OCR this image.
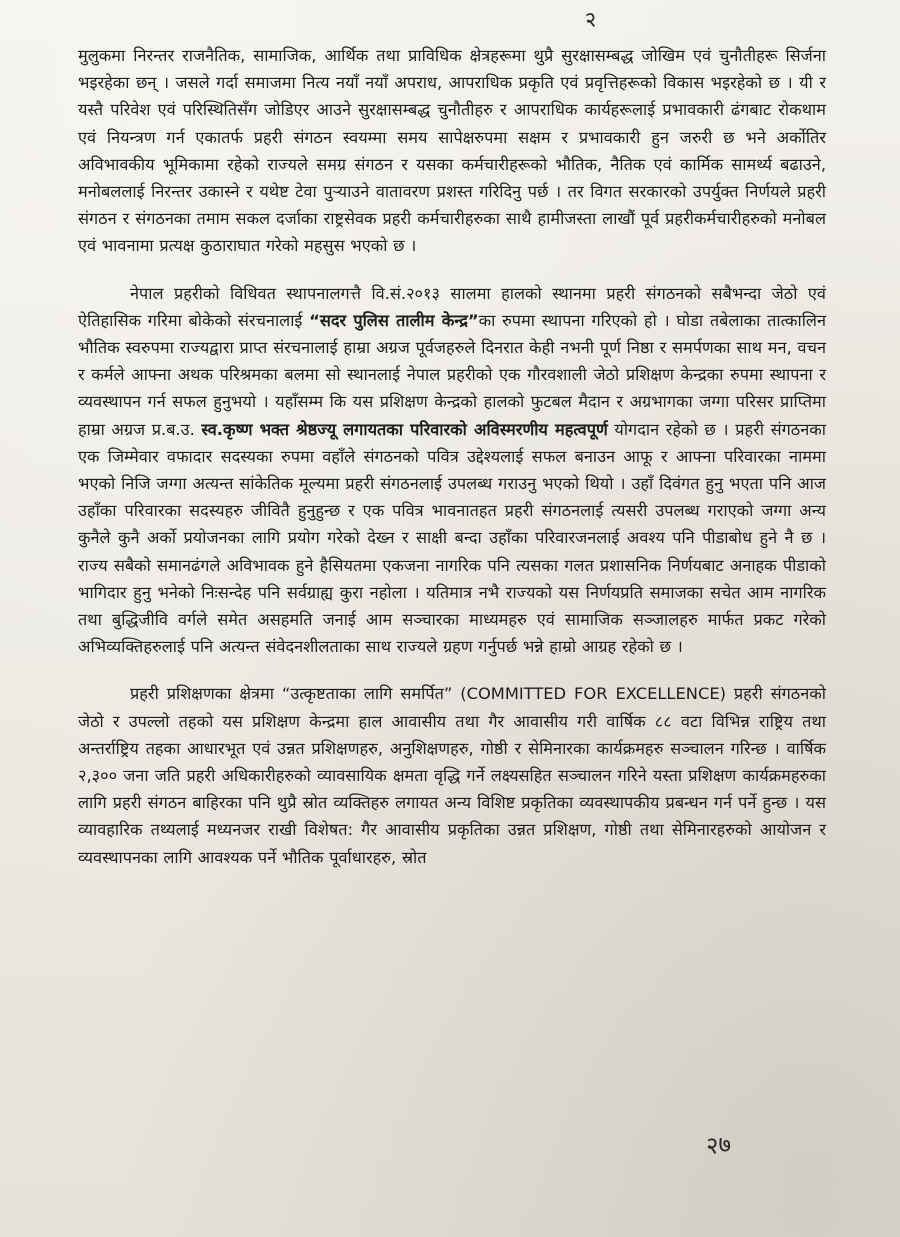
२

मुलुकमा निरन्तर राजनैतिक, सामाजिक, आर्थिक तथा प्राविधिक क्षेत्रहरूमा थुप्रै सुरक्षासम्बद्ध जोखिम एवं चुनौतीहरू सिर्जना भइरहेका छन् । जसले गर्दा समाजमा नित्य नयाँ नयाँ अपराध, आपराधिक प्रकृति एवं प्रवृत्तिहरूको विकास भइरहेको छ । यी र यस्तै परिवेश एवं परिस्थितिसँग जोडिएर आउने सुरक्षासम्बद्ध चुनौतीहरु र आपराधिक कार्यहरूलाई प्रभावकारी ढंगबाट रोकथाम एवं नियन्त्रण गर्न एकातर्फ प्रहरी संगठन स्वयम्मा समय सापेक्षरुपमा सक्षम र प्रभावकारी हुन जरुरी छ भने अर्कोतिर अविभावकीय भूमिकामा रहेको राज्यले समग्र संगठन र यसका कर्मचारीहरूको भौतिक, नैतिक एवं कार्मिक सामर्थ्य बढाउने, मनोबललाई निरन्तर उकास्ने र यथेष्ट टेवा पुर्‍याउने वातावरण प्रशस्त गरिदिनु पर्छ । तर विगत सरकारको उपर्युक्त निर्णयले प्रहरी संगठन र संगठनका तमाम सकल दर्जाका राष्ट्रसेवक प्रहरी कर्मचारीहरुका साथै हामीजस्ता लाखौं पूर्व प्रहरीकर्मचारीहरुको मनोबल एवं भावनामा प्रत्यक्ष कुठाराघात गरेको महसुस भएको छ ।

नेपाल प्रहरीको विधिवत स्थापनालगत्तै वि.सं.२०१३ सालमा हालको स्थानमा प्रहरी संगठनको सबैभन्दा जेठो एवं ऐतिहासिक गरिमा बोकेको संरचनालाई “सदर पुलिस तालीम केन्द्र”का रुपमा स्थापना गरिएको हो । घोडा तबेलाका तात्कालिन भौतिक स्वरुपमा राज्यद्वारा प्राप्त संरचनालाई हाम्रा अग्रज पूर्वजहरुले दिनरात केही नभनी पूर्ण निष्ठा र समर्पणका साथ मन, वचन र कर्मले आफ्ना अथक परिश्रमका बलमा सो स्थानलाई नेपाल प्रहरीको एक गौरवशाली जेठो प्रशिक्षण केन्द्रका रुपमा स्थापना र व्यवस्थापन गर्न सफल हुनुभयो । यहाँसम्म कि यस प्रशिक्षण केन्द्रको हालको फुटबल मैदान र अग्रभागका जग्गा परिसर प्राप्तिमा हाम्रा अग्रज प्र.ब.उ. स्व.कृष्ण भक्त श्रेष्ठज्यू लगायतका परिवारको अविस्मरणीय महत्वपूर्ण योगदान रहेको छ । प्रहरी संगठनका एक जिम्मेवार वफादार सदस्यका रुपमा वहाँले संगठनको पवित्र उद्देश्यलाई सफल बनाउन आफू र आफ्ना परिवारका नाममा भएको निजि जग्गा अत्यन्त सांकेतिक मूल्यमा प्रहरी संगठनलाई उपलब्ध गराउनु भएको थियो । उहाँ दिवंगत हुनु भएता पनि आज उहाँका परिवारका सदस्यहरु जीवितै हुनुहुन्छ र एक पवित्र भावनातहत प्रहरी संगठनलाई त्यसरी उपलब्ध गराएको जग्गा अन्य कुनैले कुनै अर्को प्रयोजनका लागि प्रयोग गरेको देख्न र साक्षी बन्दा उहाँका परिवारजनलाई अवश्य पनि पीडाबोध हुने नै छ । राज्य सबैको समानढंगले अविभावक हुने हैसियतमा एकजना नागरिक पनि त्यसका गलत प्रशासनिक निर्णयबाट अनाहक पीडाको भागिदार हुनु भनेको निःसन्देह पनि सर्वग्राह्य कुरा नहोला । यतिमात्र नभै राज्यको यस निर्णयप्रति समाजका सचेत आम नागरिक तथा बुद्धिजीवि वर्गले समेत असहमति जनाई आम सञ्चारका माध्यमहरु एवं सामाजिक सञ्जालहरु मार्फत प्रकट गरेको अभिव्यक्तिहरुलाई पनि अत्यन्त संवेदनशीलताका साथ राज्यले ग्रहण गर्नुपर्छ भन्ने हाम्रो आग्रह रहेको छ ।

प्रहरी प्रशिक्षणका क्षेत्रमा “उत्कृष्टताका लागि समर्पित” (COMMITTED FOR EXCELLENCE) प्रहरी संगठनको जेठो र उपल्लो तहको यस प्रशिक्षण केन्द्रमा हाल आवासीय तथा गैर आवासीय गरी वार्षिक ८८ वटा विभिन्न राष्ट्रिय तथा अन्तर्राष्ट्रिय तहका आधारभूत एवं उन्नत प्रशिक्षणहरु, अनुशिक्षणहरु, गोष्ठी र सेमिनारका कार्यक्रमहरु सञ्चालन गरिन्छ । वार्षिक २,३०० जना जति प्रहरी अधिकारीहरुको व्यावसायिक क्षमता वृद्धि गर्ने लक्ष्यसहित सञ्चालन गरिने यस्ता प्रशिक्षण कार्यक्रमहरुका लागि प्रहरी संगठन बाहिरका पनि थुप्रै स्रोत व्यक्तिहरु लगायत अन्य विशिष्ट प्रकृतिका व्यवस्थापकीय प्रबन्धन गर्न पर्ने हुन्छ । यस व्यावहारिक तथ्यलाई मध्यनजर राखी विशेषत: गैर आवासीय प्रकृतिका उन्नत प्रशिक्षण, गोष्ठी तथा सेमिनारहरुको आयोजन र व्यवस्थापनका लागि आवश्यक पर्ने भौतिक पूर्वाधारहरु, स्रोत

२७
